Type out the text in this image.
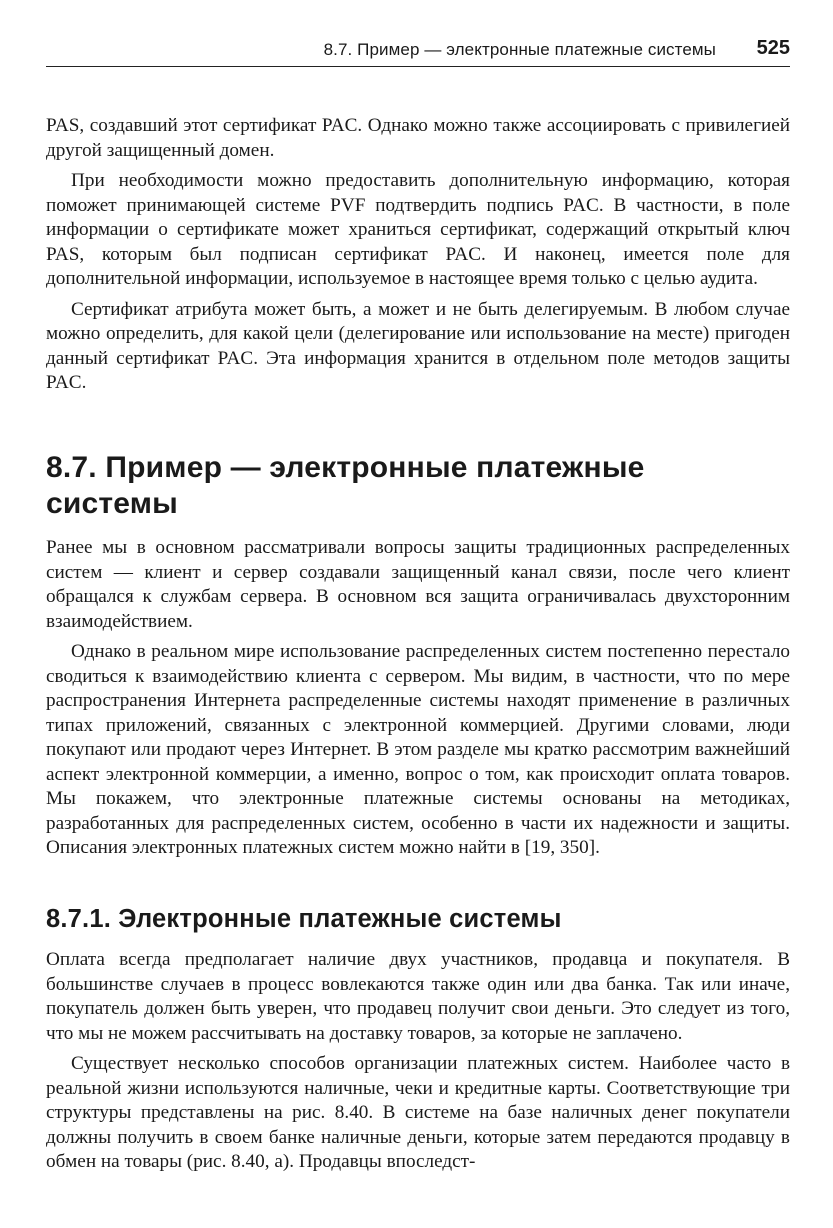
8.7. Пример — электронные платежные системы 525

PAS, создавший этот сертификат PAC. Однако можно также ассоциировать с привилегией другой защищенный домен.

При необходимости можно предоставить дополнительную информацию, которая поможет принимающей системе PVF подтвердить подпись PAC. В частности, в поле информации о сертификате может храниться сертификат, содержащий открытый ключ PAS, которым был подписан сертификат PAC. И наконец, имеется поле для дополнительной информации, используемое в настоящее время только с целью аудита.

Сертификат атрибута может быть, а может и не быть делегируемым. В любом случае можно определить, для какой цели (делегирование или использование на месте) пригоден данный сертификат PAC. Эта информация хранится в отдельном поле методов защиты PAC.

8.7. Пример — электронные платежные
системы

Ранее мы в основном рассматривали вопросы защиты традиционных распределенных систем — клиент и сервер создавали защищенный канал связи, после чего клиент обращался к службам сервера. В основном вся защита ограничивалась двухсторонним взаимодействием.

Однако в реальном мире использование распределенных систем постепенно перестало сводиться к взаимодействию клиента с сервером. Мы видим, в частности, что по мере распространения Интернета распределенные системы находят применение в различных типах приложений, связанных с электронной коммерцией. Другими словами, люди покупают или продают через Интернет. В этом разделе мы кратко рассмотрим важнейший аспект электронной коммерции, а именно, вопрос о том, как происходит оплата товаров. Мы покажем, что электронные платежные системы основаны на методиках, разработанных для распределенных систем, особенно в части их надежности и защиты. Описания электронных платежных систем можно найти в [19, 350].

8.7.1. Электронные платежные системы

Оплата всегда предполагает наличие двух участников, продавца и покупателя. В большинстве случаев в процесс вовлекаются также один или два банка. Так или иначе, покупатель должен быть уверен, что продавец получит свои деньги. Это следует из того, что мы не можем рассчитывать на доставку товаров, за которые не заплачено.

Существует несколько способов организации платежных систем. Наиболее часто в реальной жизни используются наличные, чеки и кредитные карты. Соответствующие три структуры представлены на рис. 8.40. В системе на базе наличных денег покупатели должны получить в своем банке наличные деньги, которые затем передаются продавцу в обмен на товары (рис. 8.40, а). Продавцы впоследст-
